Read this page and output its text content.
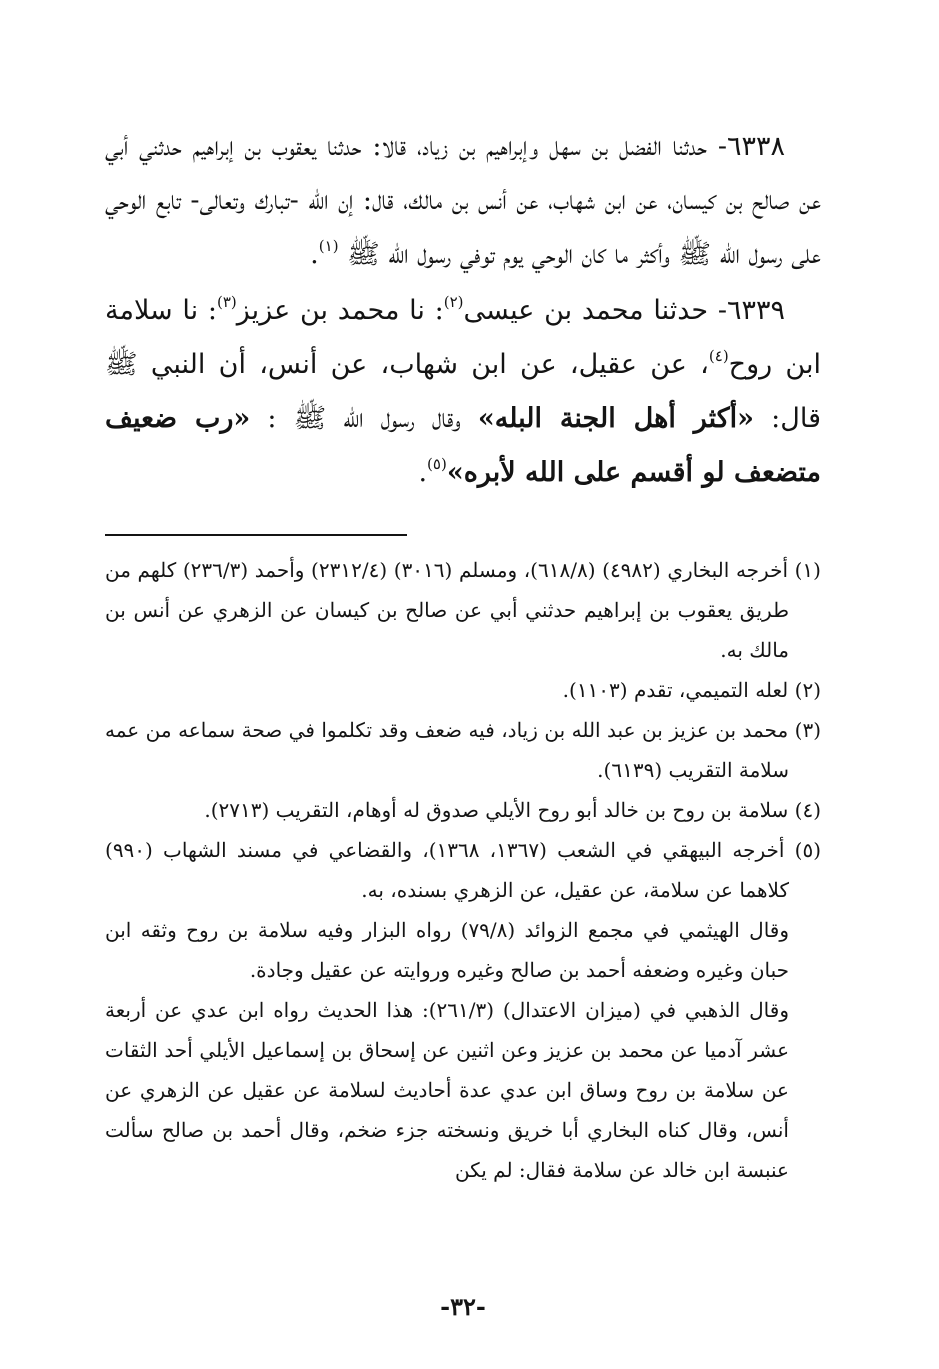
٦٣٣٨- حدثنا الفضل بن سهل وإبراهيم بن زياد، قالا: حدثنا يعقوب بن إبراهيم حدثني أبي عن صالح بن كيسان، عن ابن شهاب، عن أنس بن مالك، قال: إن الله -تبارك وتعالى- تابع الوحي على رسول الله ﷺ وأكثر ما كان الوحي يوم توفي رسول الله ﷺ $^{(١)}$.

٦٣٣٩- حدثنا محمد بن عيسى$^{(٢)}$: نا محمد بن عزيز$^{(٣)}$: نا سلامة ابن روح$^{(٤)}$، عن عقيل، عن ابن شهاب، عن أنس، أن النبي ﷺ قال: «أكثر أهل الجنة البله» وقال رسول الله ﷺ : «رب ضعيف متضعف لو أقسم على الله لأبره»$^{(٥)}$.

(١) أخرجه البخاري (٤٩٨٢) (٦١٨/٨)، ومسلم (٣٠١٦) (٢٣١٢/٤) وأحمد (٢٣٦/٣) كلهم من طريق يعقوب بن إبراهيم حدثني أبي عن صالح بن كيسان عن الزهري عن أنس بن مالك به.

(٢) لعله التميمي، تقدم (١١٠٣).

(٣) محمد بن عزيز بن عبد الله بن زياد، فيه ضعف وقد تكلموا في صحة سماعه من عمه سلامة التقريب (٦١٣٩).

(٤) سلامة بن روح بن خالد أبو روح الأيلي صدوق له أوهام، التقريب (٢٧١٣).

(٥) أخرجه البيهقي في الشعب (١٣٦٧، ١٣٦٨)، والقضاعي في مسند الشهاب (٩٩٠) كلاهما عن سلامة، عن عقيل، عن الزهري بسنده، به.

وقال الهيثمي في مجمع الزوائد (٧٩/٨) رواه البزار وفيه سلامة بن روح وثقه ابن حبان وغيره وضعفه أحمد بن صالح وغيره وروايته عن عقيل وجادة.

وقال الذهبي في (ميزان الاعتدال) (٢٦١/٣): هذا الحديث رواه ابن عدي عن أربعة عشر آدميا عن محمد بن عزيز وعن اثنين عن إسحاق بن إسماعيل الأيلي أحد الثقات عن سلامة بن روح وساق ابن عدي عدة أحاديث لسلامة عن عقيل عن الزهري عن أنس، وقال كناه البخاري أبا خريق ونسخته جزء ضخم، وقال أحمد بن صالح سألت عنبسة ابن خالد عن سلامة فقال: لم يكن

-٣٢-
